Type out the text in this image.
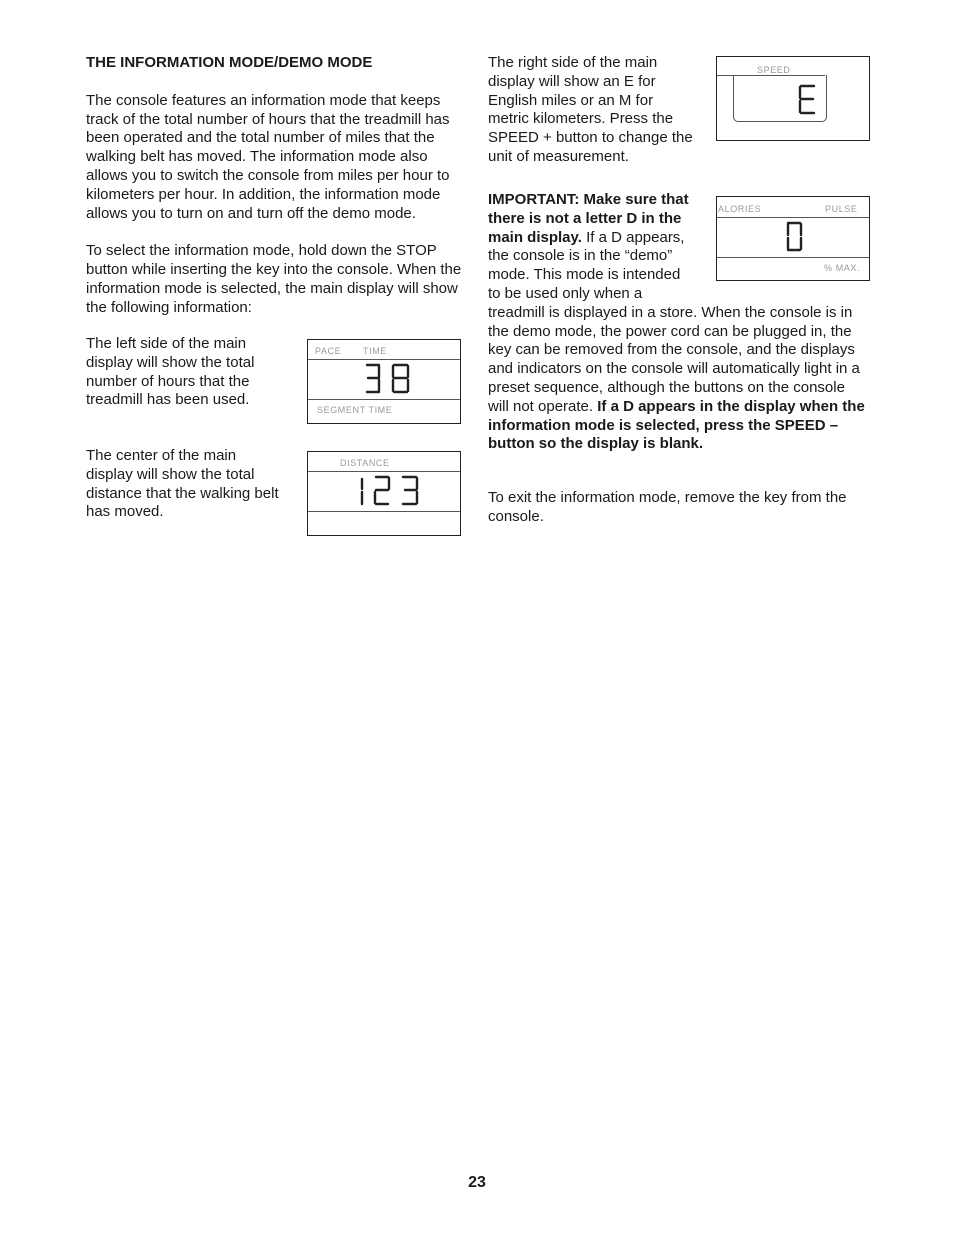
THE INFORMATION MODE/DEMO MODE

The console features an information mode that keeps track of the total number of hours that the treadmill has been operated and the total number of miles that the walking belt has moved. The information mode also allows you to switch the console from miles per hour to kilometers per hour. In addition, the information mode allows you to turn on and turn off the demo mode.

To select the information mode, hold down the STOP button while inserting the key into the console. When the information mode is selected, the main display will show the following information:

The left side of the main display will show the total number of hours that the treadmill has been used.

The center of the main display will show the total distance that the walking belt has moved.

PACE TIME
SEGMENT TIME
DISTANCE

The right side of the main display will show an E for English miles or an M for metric kilometers. Press the SPEED + button to change the unit of measurement.

IMPORTANT: Make sure that there is not a letter D in the main display. If a D appears, the console is in the “demo” mode. This mode is intended to be used only when a treadmill is displayed in a store. When the console is in the demo mode, the power cord can be plugged in, the key can be removed from the console, and the displays and indicators on the console will automatically light in a preset sequence, although the buttons on the console will not operate. If a D appears in the display when the information mode is selected, press the SPEED – button so the display is blank.

To exit the information mode, remove the key from the console.

SPEED
ALORIES	PULSE
% MAX.
23
